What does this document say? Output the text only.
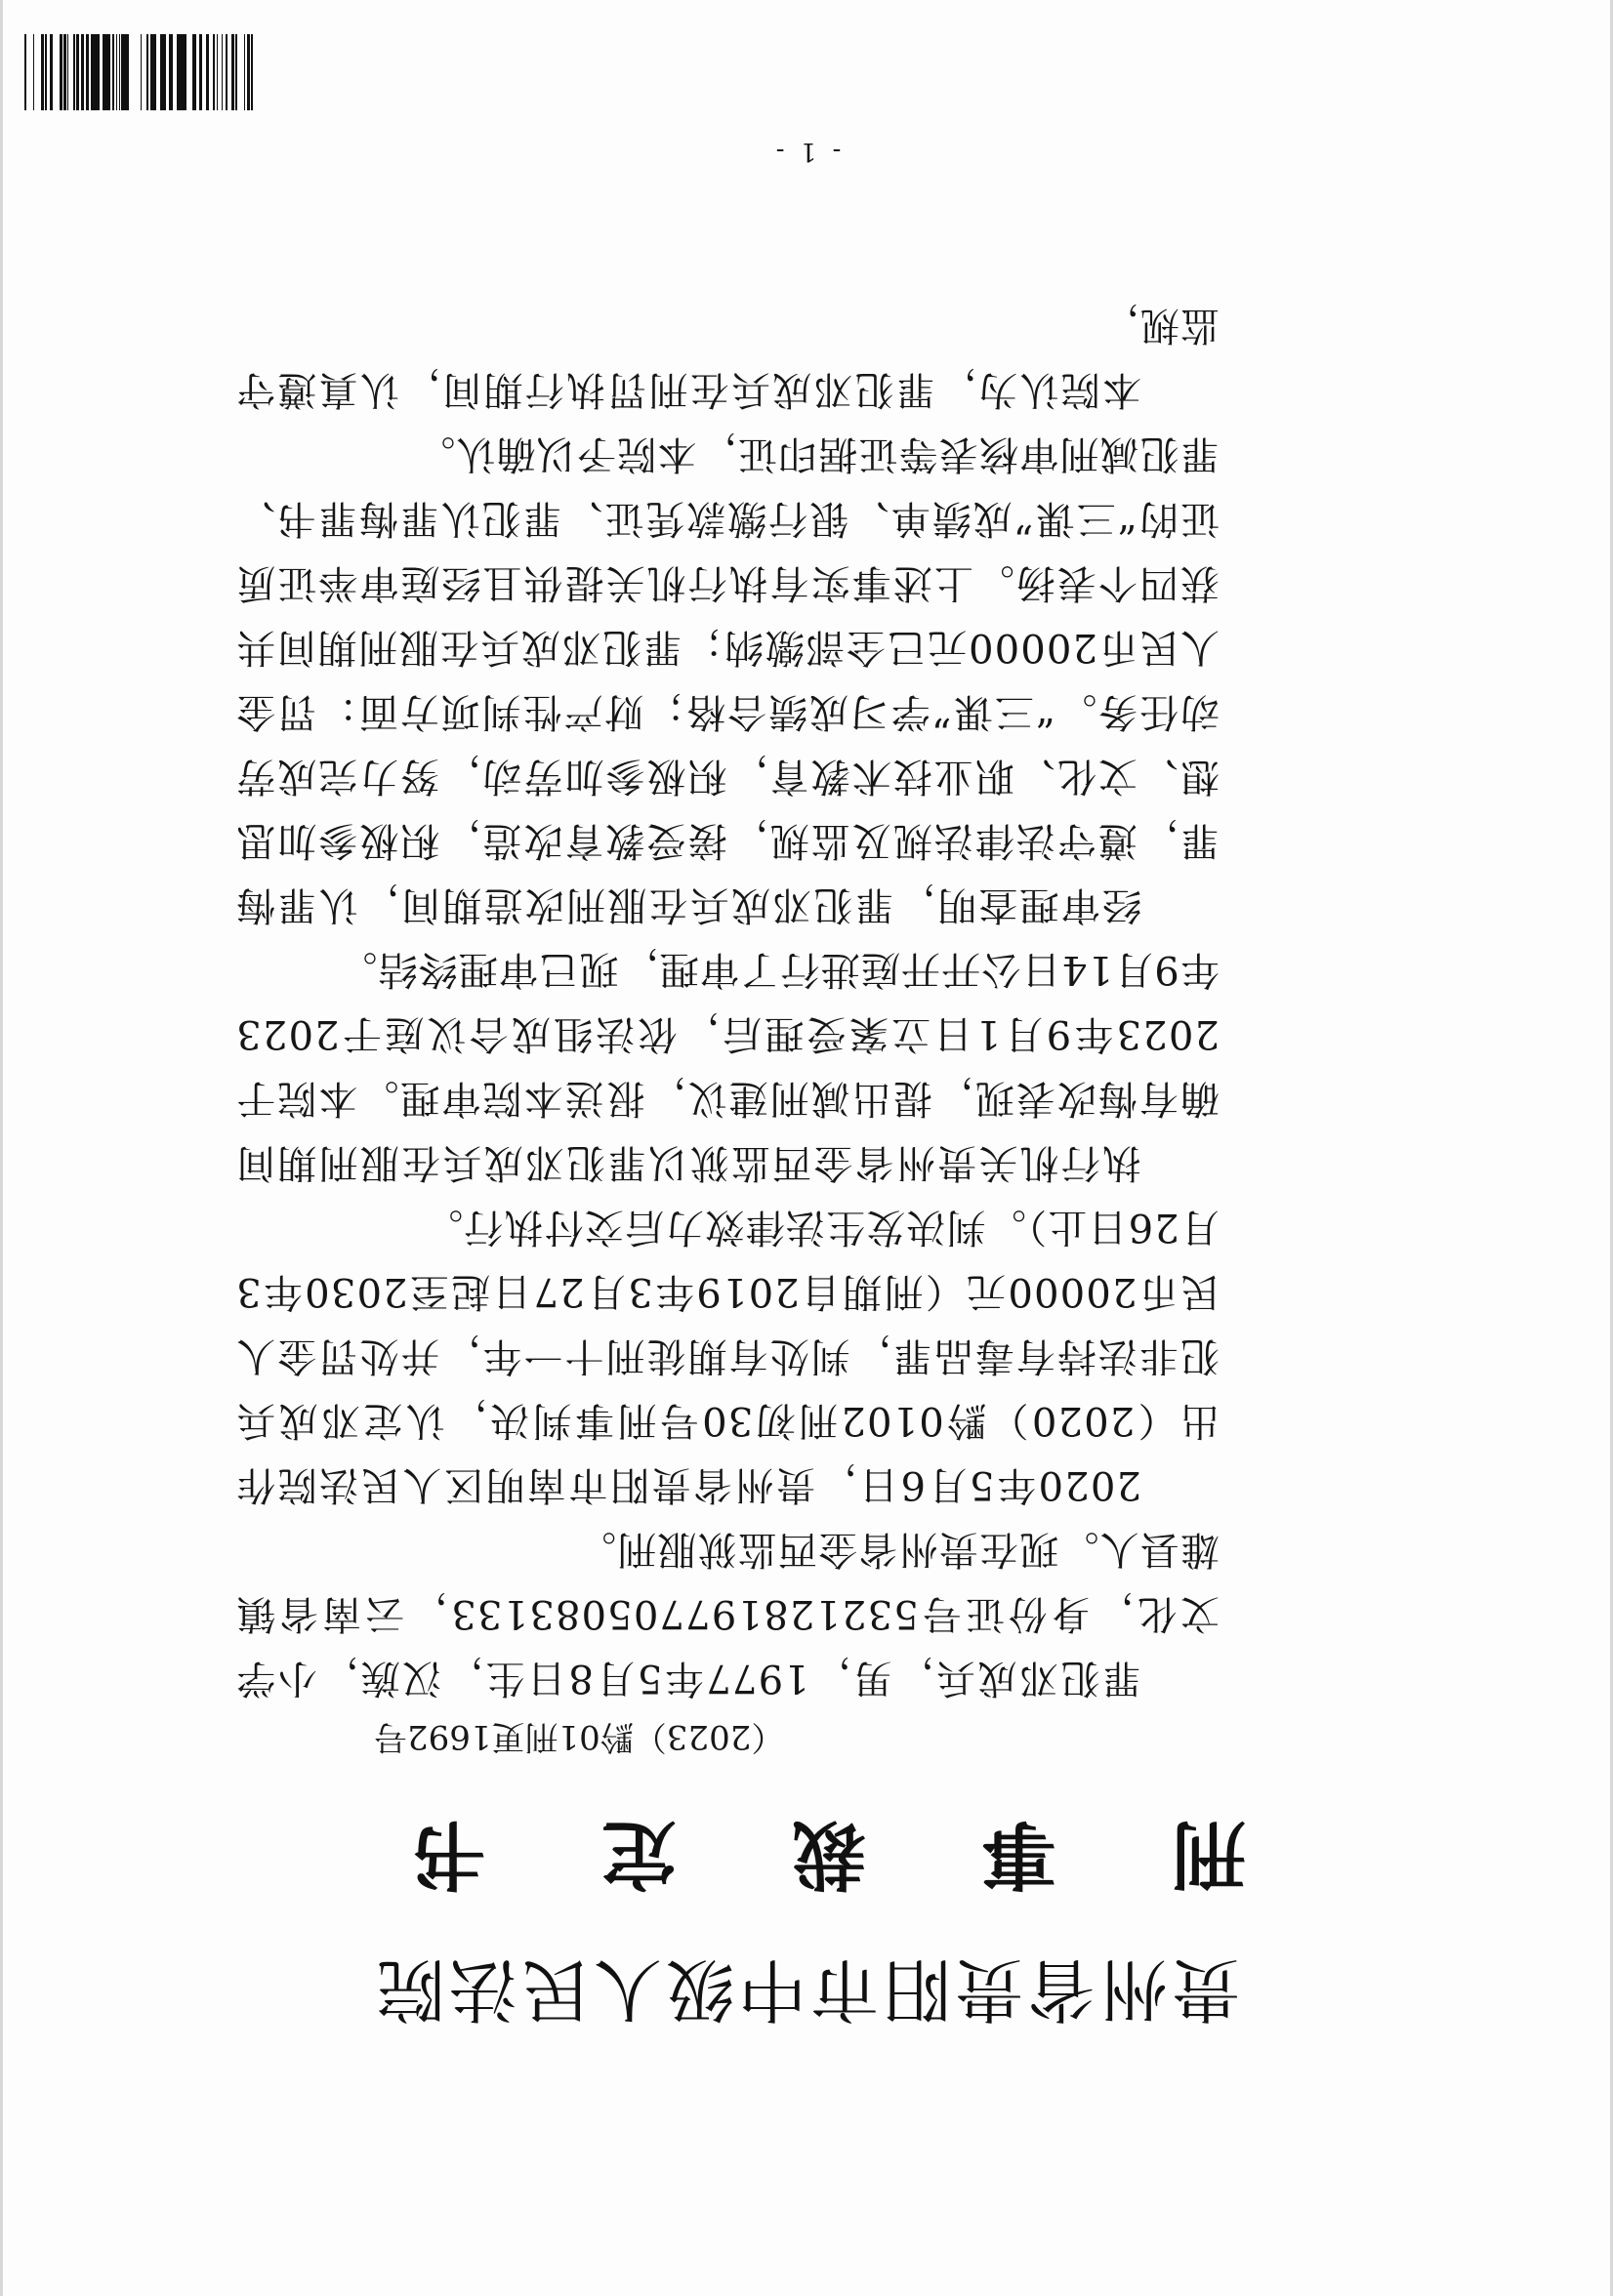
贵州省贵阳市中级人民法院
刑 事 裁 定 书
（2023）黔01刑更1692号

罪犯邓成兵，男，1977年5月8日生，汉族，小学文化，身份证号532128197705083133，云南省镇雄县人。现在贵州省金西监狱服刑。

2020年5月6日，贵州省贵阳市南明区人民法院作出（2020）黔0102刑初30号刑事判决，认定邓成兵犯非法持有毒品罪，判处有期徒刑十一年，并处罚金人民币20000元（刑期自2019年3月27日起至2030年3月26日止）。判决发生法律效力后交付执行。

执行机关贵州省金西监狱以罪犯邓成兵在服刑期间确有悔改表现，提出减刑建议，报送本院审理。本院于2023年9月1日立案受理后，依法组成合议庭于2023年9月14日公开开庭进行了审理，现已审理终结。

经审理查明，罪犯邓成兵在服刑改造期间，认罪悔罪，遵守法律法规及监规，接受教育改造，积极参加思想、文化、职业技术教育，积极参加劳动，努力完成劳动任务。“三课”学习成绩合格；财产性判项方面：罚金人民币20000元已全部缴纳；罪犯邓成兵在服刑期间共获四个表扬。上述事实有执行机关提供且经庭审举证质证的“三课”成绩单、银行缴款凭证、罪犯认罪悔罪书、罪犯减刑审核表等证据印证，本院予以确认。

本院认为，罪犯邓成兵在刑罚执行期间，认真遵守监规，

- 1 -
